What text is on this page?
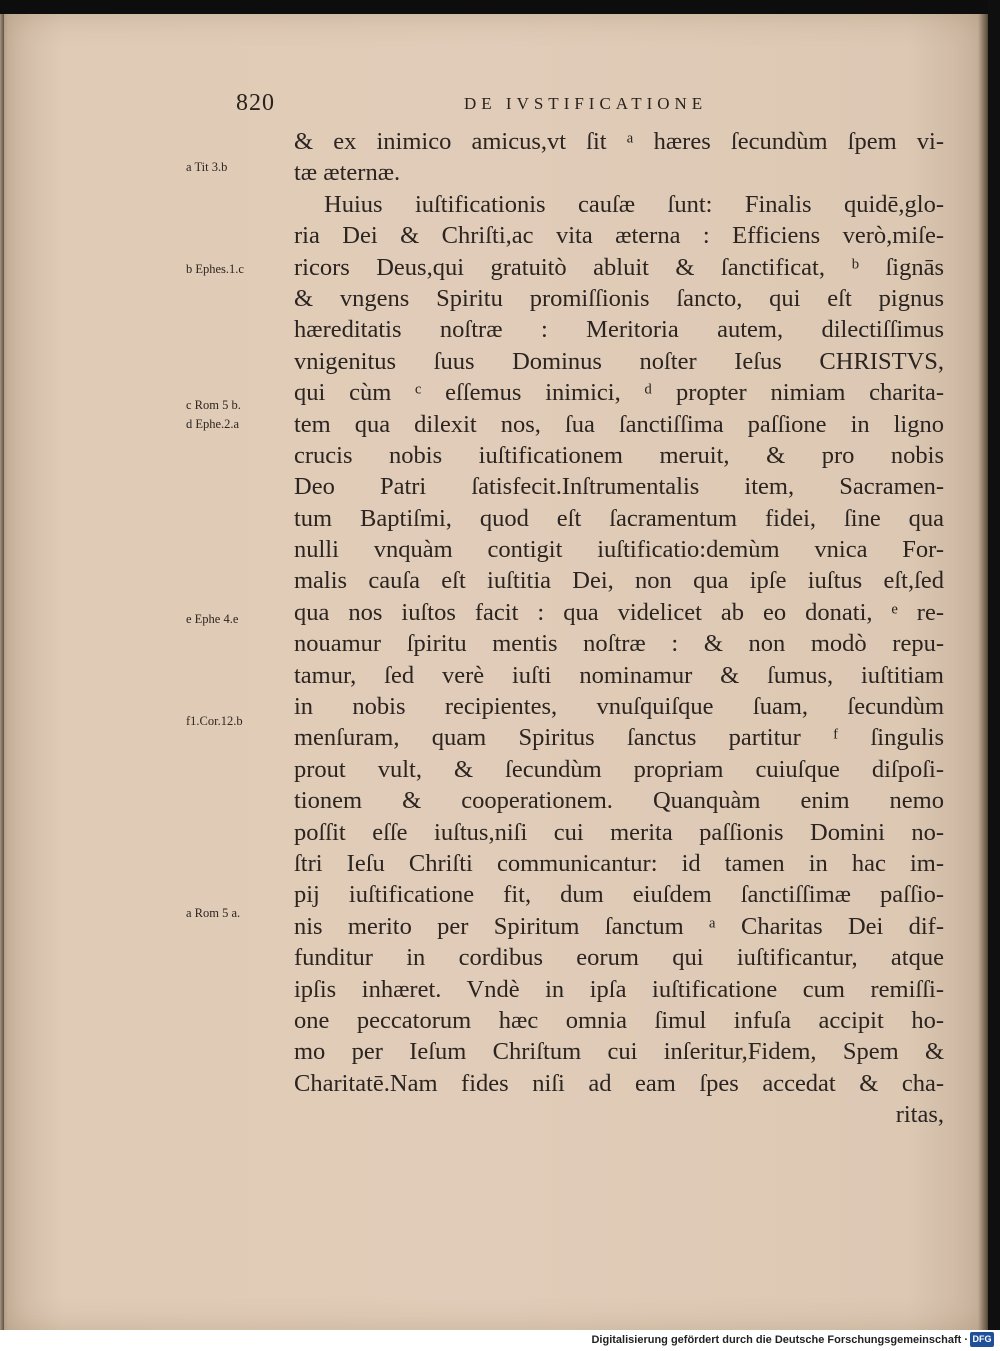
820	DE IVSTIFICATIONE
& ex inimico amicus,vt ſit ᵃ hæres ſecundùm ſpem vi-
tæ æternæ.
Huius iuſtificationis cauſæ ſunt: Finalis quidē,glo-
ria Dei & Chriſti,ac vita æterna : Efficiens verò,miſe-
ricors Deus,qui gratuitò abluit & ſanctificat, ᵇ ſignās
& vngens Spiritu promiſſionis ſancto, qui eſt pignus
hæreditatis noſtræ : Meritoria autem, dilectiſſimus
vnigenitus ſuus Dominus noſter Ieſus CHRISTVS,
qui cùm ᶜ eſſemus inimici, ᵈ propter nimiam charita-
tem qua dilexit nos, ſua ſanctiſſima paſſione in ligno
crucis nobis iuſtificationem meruit, & pro nobis
Deo Patri ſatisfecit.Inſtrumentalis item, Sacramen-
tum Baptiſmi, quod eſt ſacramentum fidei, ſine qua
nulli vnquàm contigit iuſtificatio:demùm vnica For-
malis cauſa eſt iuſtitia Dei, non qua ipſe iuſtus eſt,ſed
qua nos iuſtos facit : qua videlicet ab eo donati, ᵉ re-
nouamur ſpiritu mentis noſtræ : & non modò repu-
tamur, ſed verè iuſti nominamur & ſumus, iuſtitiam
in nobis recipientes, vnuſquiſque ſuam, ſecundùm
menſuram, quam Spiritus ſanctus partitur ᶠ ſingulis
prout vult, & ſecundùm propriam cuiuſque diſpoſi-
tionem & cooperationem. Quanquàm enim nemo
poſſit eſſe iuſtus,niſi cui merita paſſionis Domini no-
ſtri Ieſu Chriſti communicantur: id tamen in hac im-
pij iuſtificatione fit, dum eiuſdem ſanctiſſimæ paſſio-
nis merito per Spiritum ſanctum ᵃ Charitas Dei dif-
funditur in cordibus eorum qui iuſtificantur, atque
ipſis inhæret. Vndè in ipſa iuſtificatione cum remiſſi-
one peccatorum hæc omnia ſimul infuſa accipit ho-
mo per Ieſum Chriſtum cui inſeritur,Fidem, Spem &
Charitatē.Nam fides niſi ad eam ſpes accedat & cha-
ritas,
a Tit 3.b
b Ephes.1.c
c Rom 5 b.
d Ephe.2.a
e Ephe 4.e
f1.Cor.12.b
a Rom 5 a.
Digitalisierung gefördert durch die Deutsche Forschungsgemeinschaft · DFG
